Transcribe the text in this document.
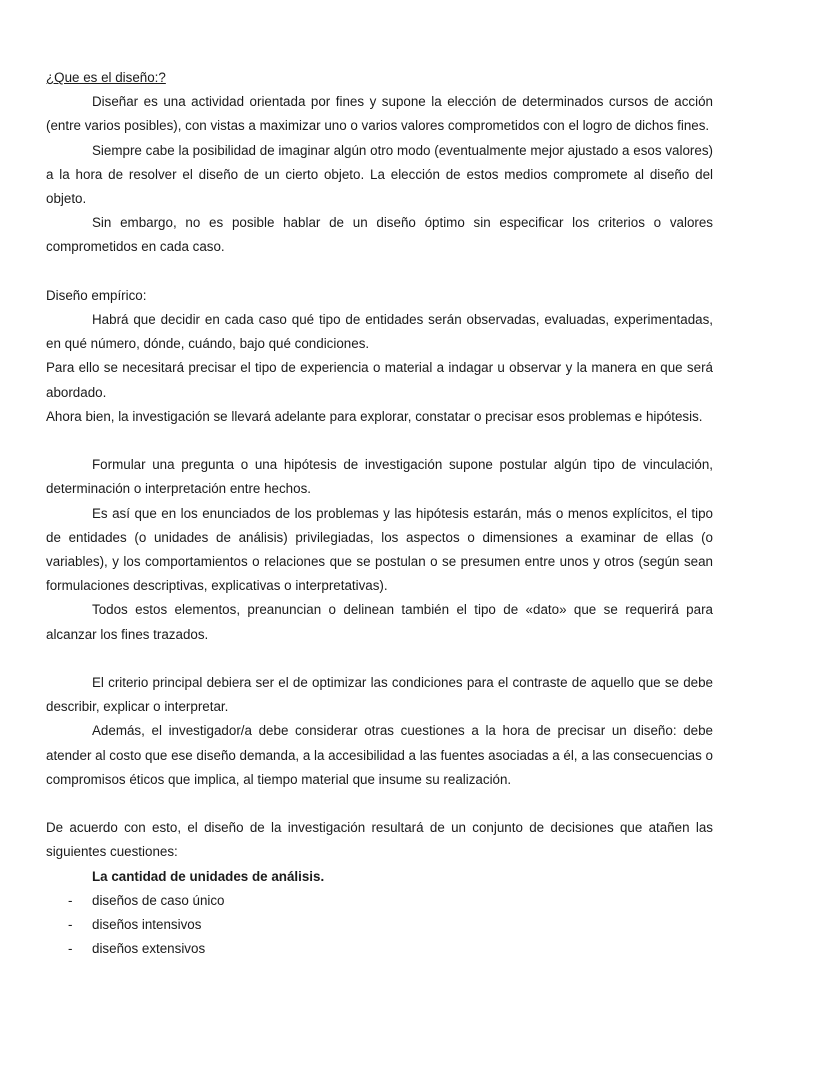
¿Que es el diseño:?

Diseñar es una actividad orientada por fines y supone la elección de determinados cursos de acción (entre varios posibles), con vistas a maximizar uno o varios valores comprometidos con el logro de dichos fines.

Siempre cabe la posibilidad de imaginar algún otro modo (eventualmente mejor ajustado a esos valores) a la hora de resolver el diseño de un cierto objeto. La elección de estos medios compromete al diseño del objeto.

Sin embargo, no es posible hablar de un diseño óptimo sin especificar los criterios o valores comprometidos en cada caso.

Diseño empírico:

Habrá que decidir en cada caso qué tipo de entidades serán observadas, evaluadas, experimentadas, en qué número, dónde, cuándo, bajo qué condiciones.

Para ello se necesitará precisar el tipo de experiencia o material a indagar u observar y la manera en que será abordado.

Ahora bien, la investigación se llevará adelante para explorar, constatar o precisar esos problemas e hipótesis.

Formular una pregunta o una hipótesis de investigación supone postular algún tipo de vinculación, determinación o interpretación entre hechos.

Es así que en los enunciados de los problemas y las hipótesis estarán, más o menos explícitos, el tipo de entidades (o unidades de análisis) privilegiadas, los aspectos o dimensiones a examinar de ellas (o variables), y los comportamientos o relaciones que se postulan o se presumen entre unos y otros (según sean formulaciones descriptivas, explicativas o interpretativas).

Todos estos elementos, preanuncian o delinean también el tipo de «dato» que se requerirá para alcanzar los fines trazados.

El criterio principal debiera ser el de optimizar las condiciones para el contraste de aquello que se debe describir, explicar o interpretar.

Además, el investigador/a debe considerar otras cuestiones a la hora de precisar un diseño: debe atender al costo que ese diseño demanda, a la accesibilidad a las fuentes asociadas a él, a las consecuencias o compromisos éticos que implica, al tiempo material que insume su realización.

De acuerdo con esto, el diseño de la investigación resultará de un conjunto de decisiones que atañen las siguientes cuestiones:

La cantidad de unidades de análisis.

- diseños de caso único
- diseños intensivos
- diseños extensivos
